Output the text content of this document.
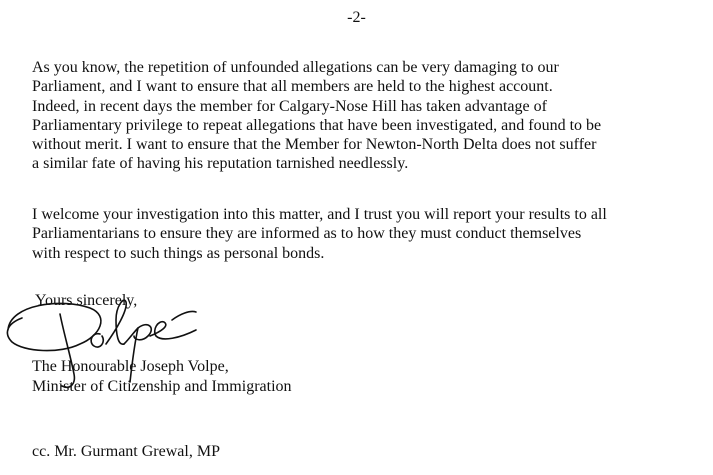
-2-
As you know, the repetition of unfounded allegations can be very damaging to our
Parliament, and I want to ensure that all members are held to the highest account.
Indeed, in recent days the member for Calgary-Nose Hill has taken advantage of
Parliamentary privilege to repeat allegations that have been investigated, and found to be
without merit. I want to ensure that the Member for Newton-North Delta does not suffer
a similar fate of having his reputation tarnished needlessly.
I welcome your investigation into this matter, and I trust you will report your results to all
Parliamentarians to ensure they are informed as to how they must conduct themselves
with respect to such things as personal bonds.
Yours sincerely,
The Honourable Joseph Volpe,
Minister of Citizenship and Immigration
cc. Mr. Gurmant Grewal, MP
